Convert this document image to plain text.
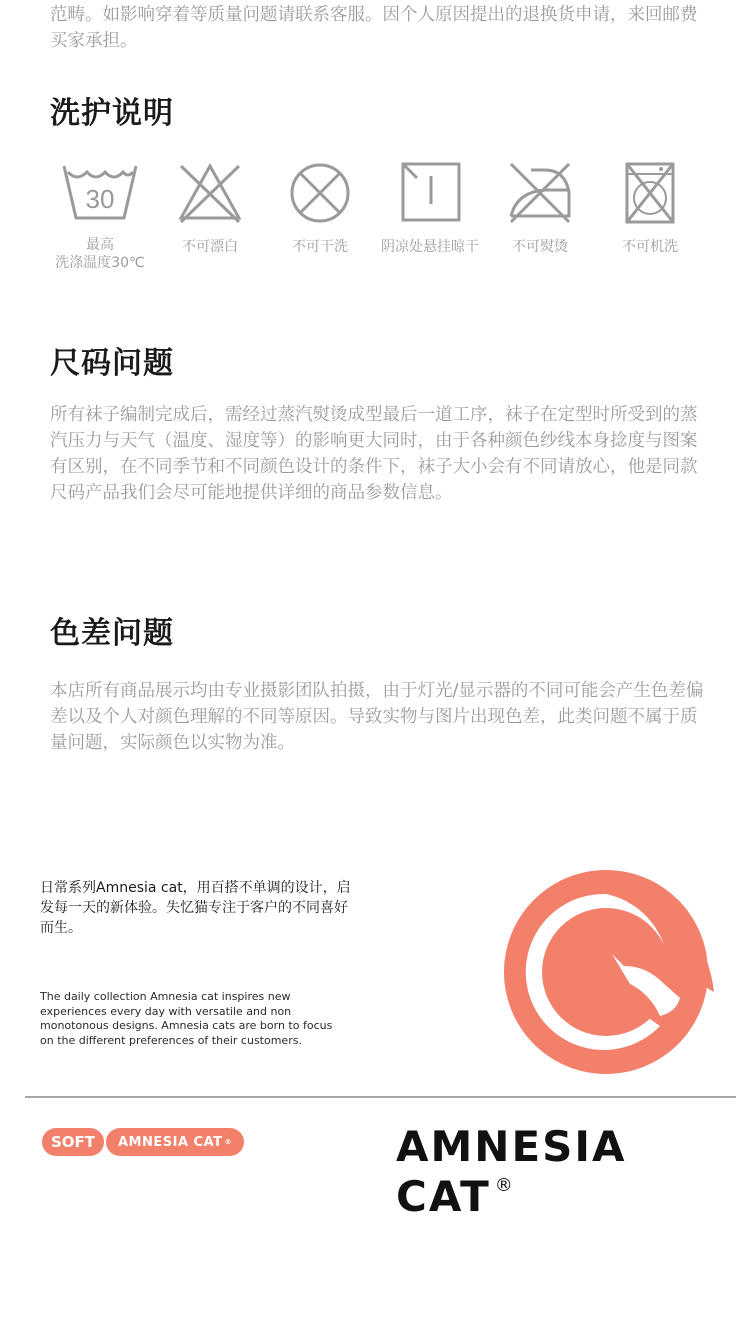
范畴。如影响穿着等质量问题请联系客服。因个人原因提出的退换货申请，来回邮费买家承担。

洗护说明
30
最高
洗涤温度30℃
不可漂白	不可干洗	阴凉处悬挂晾干	不可熨烫	不可机洗
尺码问题

所有袜子编制完成后，需经过蒸汽熨烫成型最后一道工序，袜子在定型时所受到的蒸汽压力与天气（温度、湿度等）的影响更大同时，由于各种颜色纱线本身捻度与图案有区别，在不同季节和不同颜色设计的条件下，袜子大小会有不同请放心，他是同款尺码产品我们会尽可能地提供详细的商品参数信息。

色差问题

本店所有商品展示均由专业摄影团队拍摄，由于灯光/显示器的不同可能会产生色差偏差以及个人对颜色理解的不同等原因。导致实物与图片出现色差，此类问题不属于质量问题，实际颜色以实物为准。

日常系列Amnesia cat，用百搭不单调的设计，启发每一天的新体验。失忆猫专注于客户的不同喜好而生。

The daily collection Amnesia cat inspires new experiences every day with versatile and non monotonous designs. Amnesia cats are born to focus on the different preferences of their customers.

SOFT AMNESIA CAT ®	AMNESIA CAT ®
